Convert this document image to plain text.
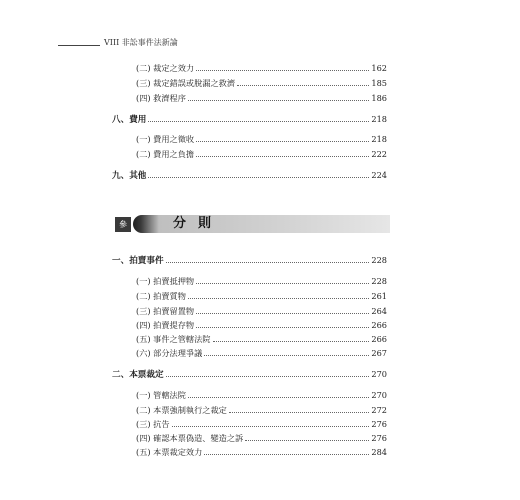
VIII 非訟事件法新論
(二) 裁定之效力	162
(三) 裁定錯誤或脫漏之救濟	185
(四) 救濟程序	186
八、費用	218
(一) 費用之徵收	218
(二) 費用之負擔	222
九、其他	224
參	分則
一、拍賣事件	228
(一) 拍賣抵押物	228
(二) 拍賣質物	261
(三) 拍賣留置物	264
(四) 拍賣提存物	266
(五) 事件之管轄法院	266
(六) 部分法理爭議	267
二、本票裁定	270
(一) 管轄法院	270
(二) 本票強制執行之裁定	272
(三) 抗告	276
(四) 確認本票偽造、變造之訴	276
(五) 本票裁定效力	284
